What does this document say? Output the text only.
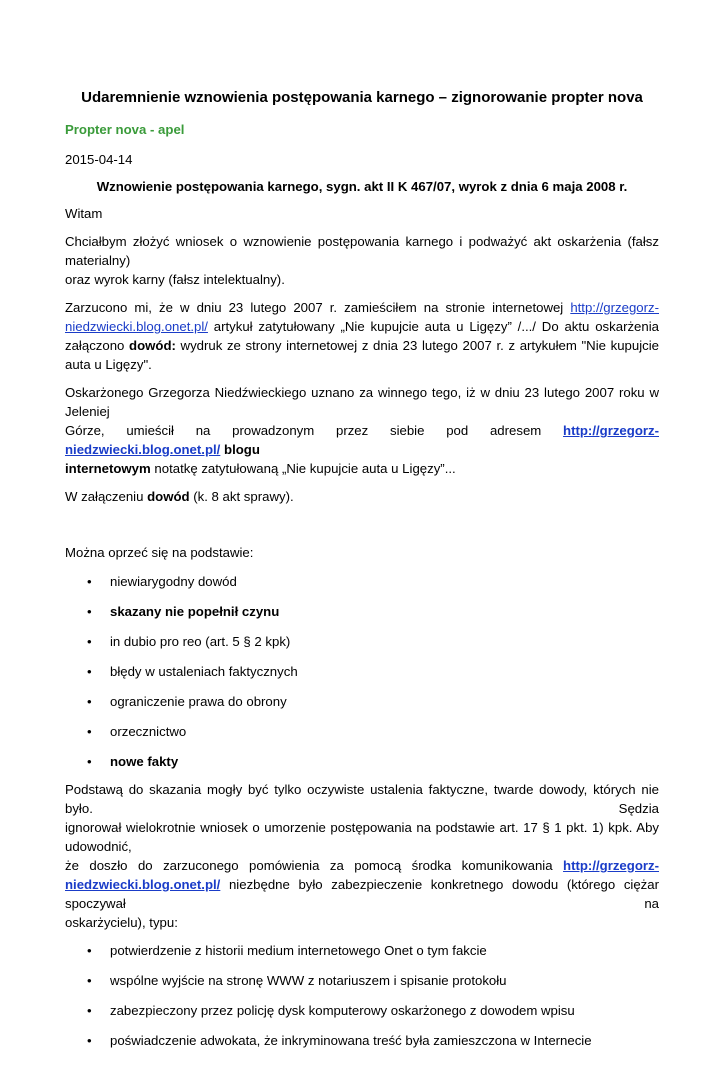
Udaremnienie wznowienia postępowania karnego – zignorowanie propter nova
Propter nova - apel
2015-04-14
Wznowienie postępowania karnego, sygn. akt II K 467/07, wyrok z dnia 6 maja 2008 r.

Witam

Chciałbym złożyć wniosek o wznowienie postępowania karnego i podważyć akt oskarżenia (fałsz materialny)
oraz wyrok karny (fałsz intelektualny).

Zarzucono mi, że w dniu 23 lutego 2007 r. zamieściłem na stronie internetowej http://grzegorz-niedzwiecki.blog.onet.pl/ artykuł zatytułowany „Nie kupujcie auta u Ligęzy” /.../ Do aktu oskarżenia załączono dowód: wydruk ze strony internetowej z dnia 23 lutego 2007 r. z artykułem "Nie kupujcie auta u Ligęzy".

Oskarżonego Grzegorza Niedźwieckiego uznano za winnego tego, iż w dniu 23 lutego 2007 roku w Jeleniej
Górze, umieścił na prowadzonym przez siebie pod adresem http://grzegorz-niedzwiecki.blog.onet.pl/ blogu
internetowym notatkę zatytułowaną „Nie kupujcie auta u Ligęzy”...

W załączeniu dowód (k. 8 akt sprawy).

Można oprzeć się na podstawie:

• niewiarygodny dowód
• skazany nie popełnił czynu
• in dubio pro reo (art. 5 § 2 kpk)
• błędy w ustaleniach faktycznych
• ograniczenie prawa do obrony
• orzecznictwo
• nowe fakty

Podstawą do skazania mogły być tylko oczywiste ustalenia faktyczne, twarde dowody, których nie było. Sędzia
ignorował wielokrotnie wniosek o umorzenie postępowania na podstawie art. 17 § 1 pkt. 1) kpk. Aby udowodnić,
że doszło do zarzuconego pomówienia za pomocą środka komunikowania http://grzegorz-
niedzwiecki.blog.onet.pl/ niezbędne było zabezpieczenie konkretnego dowodu (którego ciężar spoczywał na
oskarżycielu), typu:

• potwierdzenie z historii medium internetowego Onet o tym fakcie
• wspólne wyjście na stronę WWW z notariuszem i spisanie protokołu
• zabezpieczony przez policję dysk komputerowy oskarżonego z dowodem wpisu
• poświadczenie adwokata, że inkryminowana treść była zamieszczona w Internecie
